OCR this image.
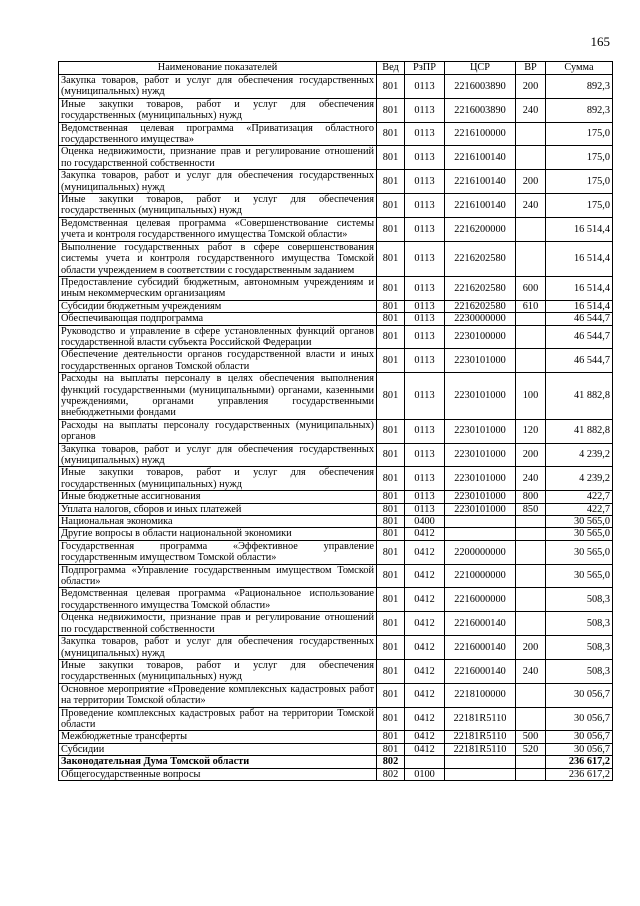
165
Наименование показателей	Вед	РзПР	ЦСР	ВР	Сумма
Закупка товаров, работ и услуг для обеспечения государственных (муниципальных) нужд	801	0113	2216003890	200	892,3
Иные закупки товаров, работ и услуг для обеспечения государственных (муниципальных) нужд	801	0113	2216003890	240	892,3
Ведомственная целевая программа «Приватизация областного государственного имущества»	801	0113	2216100000		175,0
Оценка недвижимости, признание прав и регулирование отношений по государственной собственности	801	0113	2216100140		175,0
Закупка товаров, работ и услуг для обеспечения государственных (муниципальных) нужд	801	0113	2216100140	200	175,0
Иные закупки товаров, работ и услуг для обеспечения государственных (муниципальных) нужд	801	0113	2216100140	240	175,0
Ведомственная целевая программа «Совершенствование системы учета и контроля государственного имущества Томской области»	801	0113	2216200000		16 514,4
Выполнение государственных работ в сфере совершенствования системы учета и контроля государственного имущества Томской области учреждением в соответствии с государственным заданием	801	0113	2216202580		16 514,4
Предоставление субсидий бюджетным, автономным учреждениям и иным некоммерческим организациям	801	0113	2216202580	600	16 514,4
Субсидии бюджетным учреждениям	801	0113	2216202580	610	16 514,4
Обеспечивающая подпрограмма	801	0113	2230000000		46 544,7
Руководство и управление в сфере установленных функций органов государственной власти субъекта Российской Федерации	801	0113	2230100000		46 544,7
Обеспечение деятельности органов государственной власти и иных государственных органов Томской области	801	0113	2230101000		46 544,7
Расходы на выплаты персоналу в целях обеспечения выполнения функций государственными (муниципальными) органами, казенными учреждениями, органами управления государственными внебюджетными фондами	801	0113	2230101000	100	41 882,8
Расходы на выплаты персоналу государственных (муниципальных) органов	801	0113	2230101000	120	41 882,8
Закупка товаров, работ и услуг для обеспечения государственных (муниципальных) нужд	801	0113	2230101000	200	4 239,2
Иные закупки товаров, работ и услуг для обеспечения государственных (муниципальных) нужд	801	0113	2230101000	240	4 239,2
Иные бюджетные ассигнования	801	0113	2230101000	800	422,7
Уплата налогов, сборов и иных платежей	801	0113	2230101000	850	422,7
Национальная экономика	801	0400			30 565,0
Другие вопросы в области национальной экономики	801	0412			30 565,0
Государственная программа «Эффективное управление государственным имуществом Томской области»	801	0412	2200000000		30 565,0
Подпрограмма «Управление государственным имуществом Томской области»	801	0412	2210000000		30 565,0
Ведомственная целевая программа «Рациональное использование государственного имущества Томской области»	801	0412	2216000000		508,3
Оценка недвижимости, признание прав и регулирование отношений по государственной собственности	801	0412	2216000140		508,3
Закупка товаров, работ и услуг для обеспечения государственных (муниципальных) нужд	801	0412	2216000140	200	508,3
Иные закупки товаров, работ и услуг для обеспечения государственных (муниципальных) нужд	801	0412	2216000140	240	508,3
Основное мероприятие «Проведение комплексных кадастровых работ на территории Томской области»	801	0412	2218100000		30 056,7
Проведение комплексных кадастровых работ на территории Томской области	801	0412	22181R5110		30 056,7
Межбюджетные трансферты	801	0412	22181R5110	500	30 056,7
Субсидии	801	0412	22181R5110	520	30 056,7
Законодательная Дума Томской области	802				236 617,2
Общегосударственные вопросы	802	0100			236 617,2
